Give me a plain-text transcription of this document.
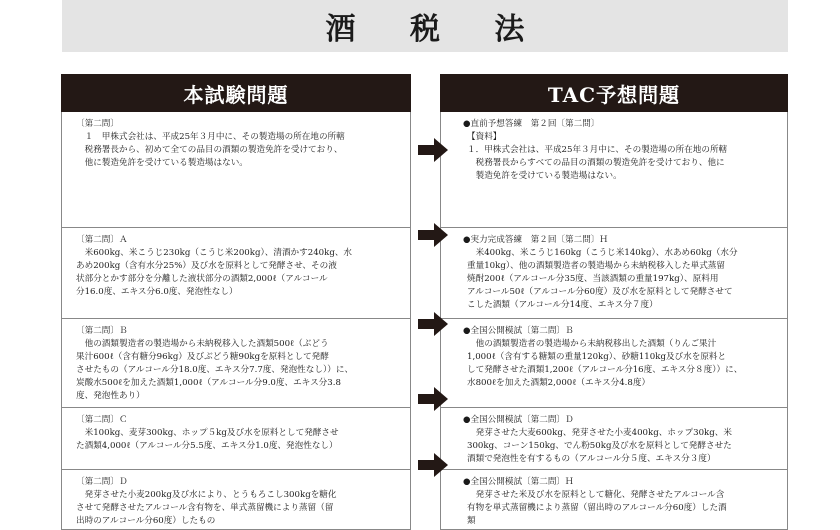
酒 税 法
本試験問題
〔第二問〕
１　甲株式会社は、平成25年３月中に、その製造場の所在地の所轄
　税務署長から、初めて全ての品目の酒類の製造免許を受けており、
　他に製造免許を受けている製造場はない。
〔第二問〕Ａ
米600kg、米こうじ230kg（こうじ米200kg）、清酒かす240kg、水
あめ200kg（含有水分25%）及び水を原料として発酵させ、その液
状部分とかす部分を分離した液状部分の酒類2,000ℓ（アルコール
分16.0度、エキス分6.0度、発泡性なし）
〔第二問〕Ｂ
他の酒類製造者の製造場から未納税移入した酒類500ℓ（ぶどう
果汁600ℓ（含有糖分96kg）及びぶどう糖90kgを原料として発酵
させたもの（アルコール分18.0度、エキス分7.7度、発泡性なし））に、
炭酸水500ℓを加えた酒類1,000ℓ（アルコール分9.0度、エキス分3.8
度、発泡性あり）
〔第二問〕Ｃ
米100kg、麦芽300kg、ホップ５kg及び水を原料として発酵させ
た酒類4,000ℓ（アルコール分5.5度、エキス分1.0度、発泡性なし）
〔第二問〕Ｄ
発芽させた小麦200kg及び水により、とうもろこし300kgを糖化
させて発酵させたアルコール含有物を、単式蒸留機により蒸留（留
出時のアルコール分60度）したもの
TAC予想問題
●直前予想答練　第２回〔第二問〕
【資料】
１．甲株式会社は、平成25年３月中に、その製造場の所在地の所轄
　税務署長からすべての品目の酒類の製造免許を受けており、他に
　製造免許を受けている製造場はない。
●実力完成答練　第２回〔第二問〕Ｈ
米400kg、米こうじ160kg（こうじ米140kg）、水あめ60kg（水分
重量10kg）、他の酒類製造者の製造場から未納税移入した単式蒸留
焼酎200ℓ（アルコール分35度、当該酒類の重量197kg）、原料用
アルコール50ℓ（アルコール分60度）及び水を原料として発酵させて
こした酒類（アルコール分14度、エキス分７度）
●全国公開模試〔第二問〕Ｂ
他の酒類製造者の製造場から未納税移出した酒類（りんご果汁
1,000ℓ（含有する糖類の重量120kg）、砂糖110kg及び水を原料と
して発酵させた酒類1,200ℓ（アルコール分16度、エキス分８度））に、
水800ℓを加えた酒類2,000ℓ（エキス分4.8度）
●全国公開模試〔第二問〕Ｄ
発芽させた大麦600kg、発芽させた小麦400kg、ホップ30kg、米
300kg、コーン150kg、でん粉50kg及び水を原料として発酵させた
酒類で発泡性を有するもの（アルコール分５度、エキス分３度）
●全国公開模試〔第二問〕Ｈ
発芽させた米及び水を原料として糖化、発酵させたアルコール含
有物を単式蒸留機により蒸留（留出時のアルコール分60度）した酒
類
